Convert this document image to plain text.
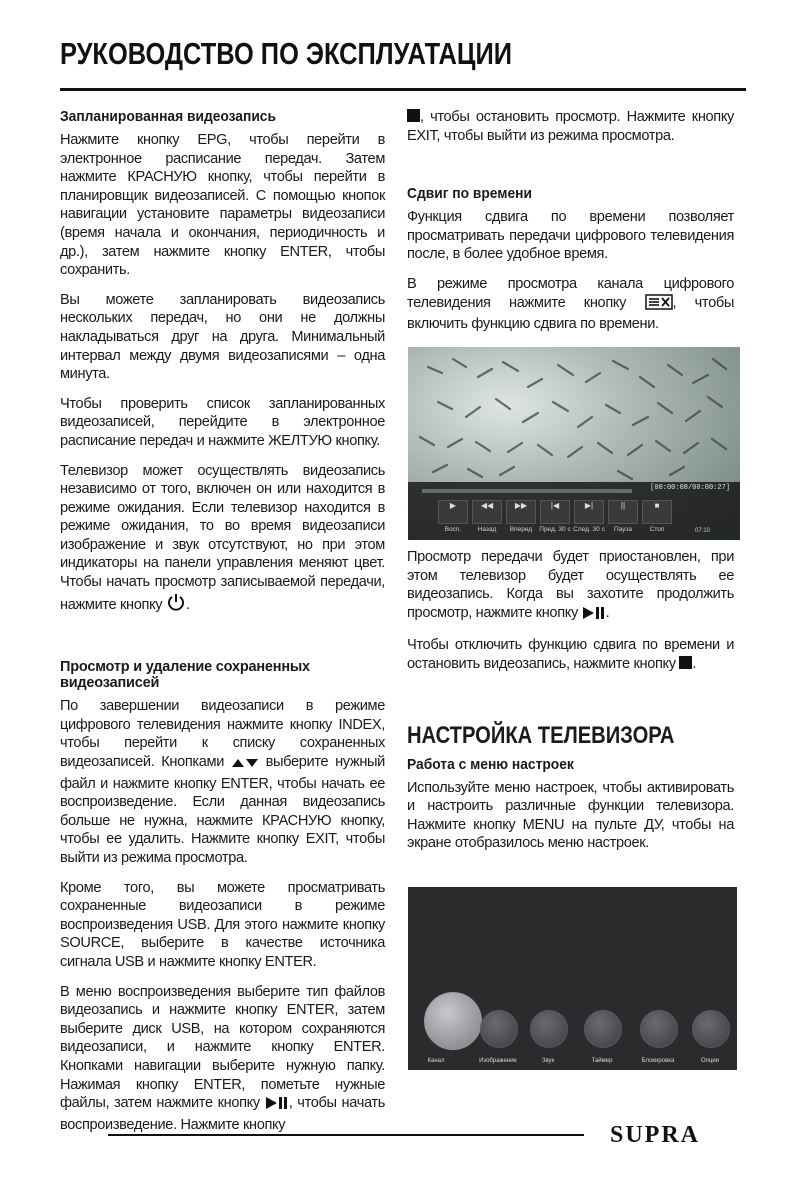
РУКОВОДСТВО ПО ЭКСПЛУАТАЦИИ
Запланированная видеозапись

Нажмите кнопку EPG, чтобы перейти в электронное расписание передач. Затем нажмите КРАСНУЮ кнопку, чтобы перейти в планировщик видеозаписей. С помощью кнопок навигации установите параметры видеозаписи (время начала и окончания, периодичность и др.), затем нажмите кнопку ENTER, чтобы сохранить.

Вы можете запланировать видеозапись нескольких передач, но они не должны накладываться друг на друга. Минимальный интервал между двумя видеозаписями – одна минута.

Чтобы проверить список запланированных видеозаписей, перейдите в электронное расписание передач и нажмите ЖЕЛТУЮ кнопку.

Телевизор может осуществлять видеозапись независимо от того, включен он или находится в режиме ожидания. Если телевизор находится в режиме ожидания, то во время видеозаписи изображение и звук отсутствуют, но при этом индикаторы на панели управления меняют цвет. Чтобы начать просмотр записываемой передачи, нажмите кнопку .

Просмотр и удаление сохраненных видеозаписей

По завершении видеозаписи в режиме цифрового телевидения нажмите кнопку INDEX, чтобы перейти к списку сохраненных видеозаписей. Кнопками	выберите нужный файл и нажмите кнопку ENTER, чтобы начать ее воспроизведение. Если данная видеозапись больше не нужна, нажмите КРАСНУЮ кнопку, чтобы ее удалить. Нажмите кнопку EXIT, чтобы выйти из режима просмотра.

Кроме того, вы можете просматривать сохраненные видеозаписи в режиме воспроизведения USB. Для этого нажмите кнопку SOURCE, выберите в качестве источника сигнала USB и нажмите кнопку ENTER.

В меню воспроизведения выберите тип файлов видеозапись и нажмите кнопку ENTER, затем выберите диск USB, на котором сохраняются видеозаписи, и нажмите кнопку ENTER. Кнопками навигации выберите нужную папку. Нажимая кнопку ENTER, пометьте нужные файлы, затем нажмите кнопку , чтобы начать воспроизведение. Нажмите кнопку

, чтобы остановить просмотр. Нажмите кнопку EXIT, чтобы выйти из режима просмотра.

Сдвиг по времени

Функция сдвига по времени позволяет просматривать передачи цифрового телевидения после, в более удобное время.

В режиме просмотра канала цифрового телевидения нажмите кнопку	, чтобы включить функцию сдвига по времени.

[00:00:08/00:00:27]
▶
Восп.
◀◀
Назад
▶▶
Вперед
|◀
Пред. 30 с
▶|
След. 30 с
||
Пауза
■
Стоп	07:10

Просмотр передачи будет приостановлен, при этом телевизор будет осуществлять ее видеозапись. Когда вы захотите продолжить просмотр, нажмите кнопку .

Чтобы отключить функцию сдвига по времени и остановить видеозапись, нажмите кнопку .

НАСТРОЙКА ТЕЛЕВИЗОРА
Работа с меню настроек

Используйте меню настроек, чтобы активировать и настроить различные функции телевизора. Нажмите кнопку MENU на пульте ДУ, чтобы на экране отобразилось меню настроек.

Канал	Изображение	Звук	Таймер	Блокировка	Опции
SUPRA
